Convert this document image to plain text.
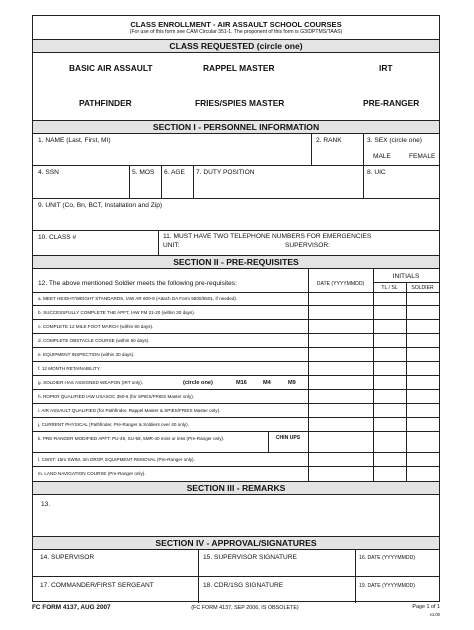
CLASS ENROLLMENT - AIR ASSAULT SCHOOL COURSES
(For use of this form see CAM Circular 351-1. The proponent of this form is G3/DPTMS/TAAS)
CLASS REQUESTED (circle one)
BASIC AIR ASSAULT	RAPPEL MASTER	IRT
PATHFINDER	FRIES/SPIES MASTER	PRE-RANGER
SECTION I - PERSONNEL INFORMATION
1. NAME (Last, First, MI)	2. RANK	3. SEX (circle one)
MALE	FEMALE
4. SSN	5. MOS 6. AGE 7. DUTY POSITION	8. UIC
9. UNIT (Co, Bn, BCT, Installation and Zip)
10. CLASS #	11. MUST HAVE TWO TELEPHONE NUMBERS FOR EMERGENCIES
UNIT:	SUPERVISOR:
SECTION II - PRE-REQUISITES
12. The above mentioned Soldier meets the following pre-requisites:	DATE (YYYYMMDD)
INITIALS
TL / SL	SOLDIER
a. MEET HEIGHT/WEIGHT STANDARDS, IAW AR 600-9 (Attach DA Form 5500/5501, if needed).
b. SUCCESSFULLY COMPLETE THE APFT, IAW FM 21-20 (within 30 days).
c. COMPLETE 12 MILE FOOT MARCH (within 90 days).
d. COMPLETE OBSTACLE COURSE (within 60 days).
e. EQUIPMENT INSPECTION (within 30 days).
f. 12 MONTH RETAINABILITY.
g. SOLDIER HAS ASSIGNED WEAPON (IRT only).	(circle one)	M16	M4	M9
h. ROPER QUALIFIED IAW USASOC 350-6 (for SPIES/FRIES Master only).
i. AIR ASSAULT QUALIFIED (for Pathfinder, Rappel Master & SPIES/FRIES Master only).
j. CURRENT PHYSICAL (Pathfinder, Pre-Ranger & Soldiers over 40 only).
k. PRE-RANGER MODIFIED APFT: PU-49, SU-59, 5MR-40 mins or less (Pre-Ranger only).	CHIN UPS
l. CWST: 15m SWIM, 3m DROP, EQUIPMENT REMOVAL (Pre-Ranger only).
m. LAND NAVIGATION COURSE (Pre-Ranger only).
SECTION III - REMARKS
13.
SECTION IV - APPROVAL/SIGNATURES
14. SUPERVISOR	15. SUPERVISOR SIGNATURE	16. DATE (YYYYMMDD)
17. COMMANDER/FIRST SERGEANT	18. CDR/1SG SIGNATURE	19. DATE (YYYYMMDD)
FC FORM 4137, AUG 2007	(FC FORM 4137, SEP 2006, IS OBSOLETE)	Page 1 of 1
v1.00
